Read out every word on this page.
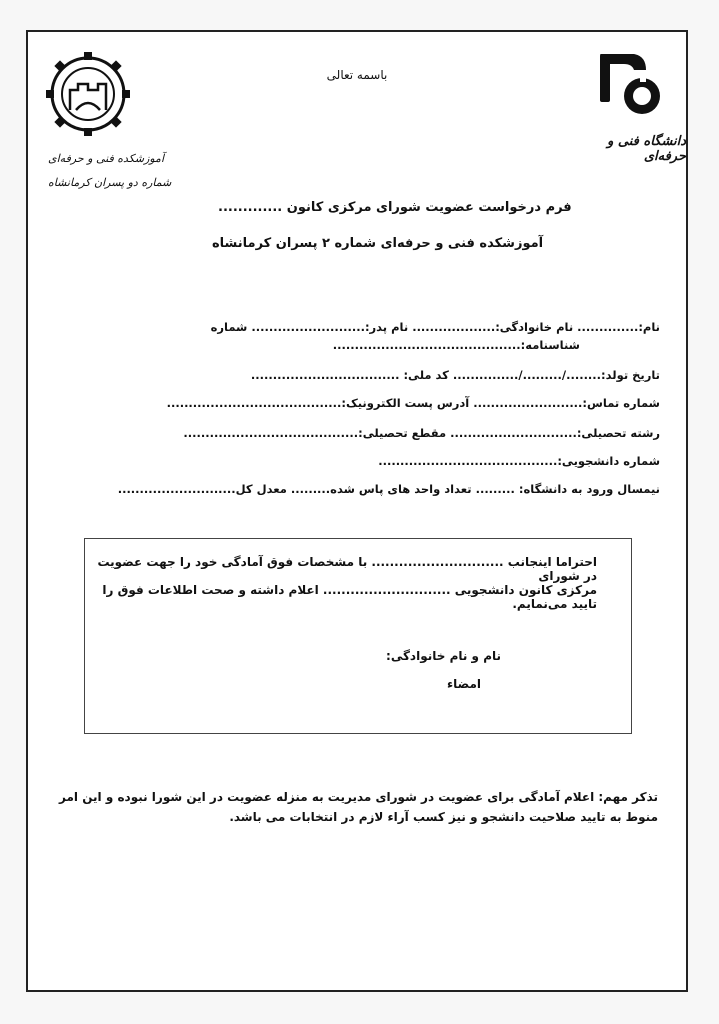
باسمه تعالی
آموزشکده فنی و حرفه‌ای
شماره دو پسران کرمانشاه
دانشگاه فنی و حرفه‌ای
فرم درخواست عضویت شورای مرکزی کانون .............
آموزشکده فنی و حرفه‌ای شماره ۲ پسران کرمانشاه
نام:.............. نام خانوادگی:................... نام پدر:.......................... شماره
شناسنامه:...........................................
تاریخ تولد:......../........./............... کد ملی: ..................................
شماره تماس:......................... آدرس پست الکترونیک:........................................
رشته تحصیلی:............................. مقطع تحصیلی:........................................
شماره دانشجویی:.........................................
نیمسال ورود به دانشگاه: ......... تعداد واحد های پاس شده......... معدل کل...........................
احتراما اینجانب ............................. با مشخصات فوق آمادگی خود را جهت عضویت در شورای
مرکزی کانون دانشجویی ............................ اعلام داشته و صحت اطلاعات فوق را تایید می‌نمایم.
نام و نام خانوادگی:
امضاء
تذکر مهم: اعلام آمادگی برای عضویت در شورای مدیریت به منزله عضویت در این شورا نبوده و این امر
منوط به تایید صلاحیت دانشجو و نیز کسب آراء لازم در انتخابات می باشد.
